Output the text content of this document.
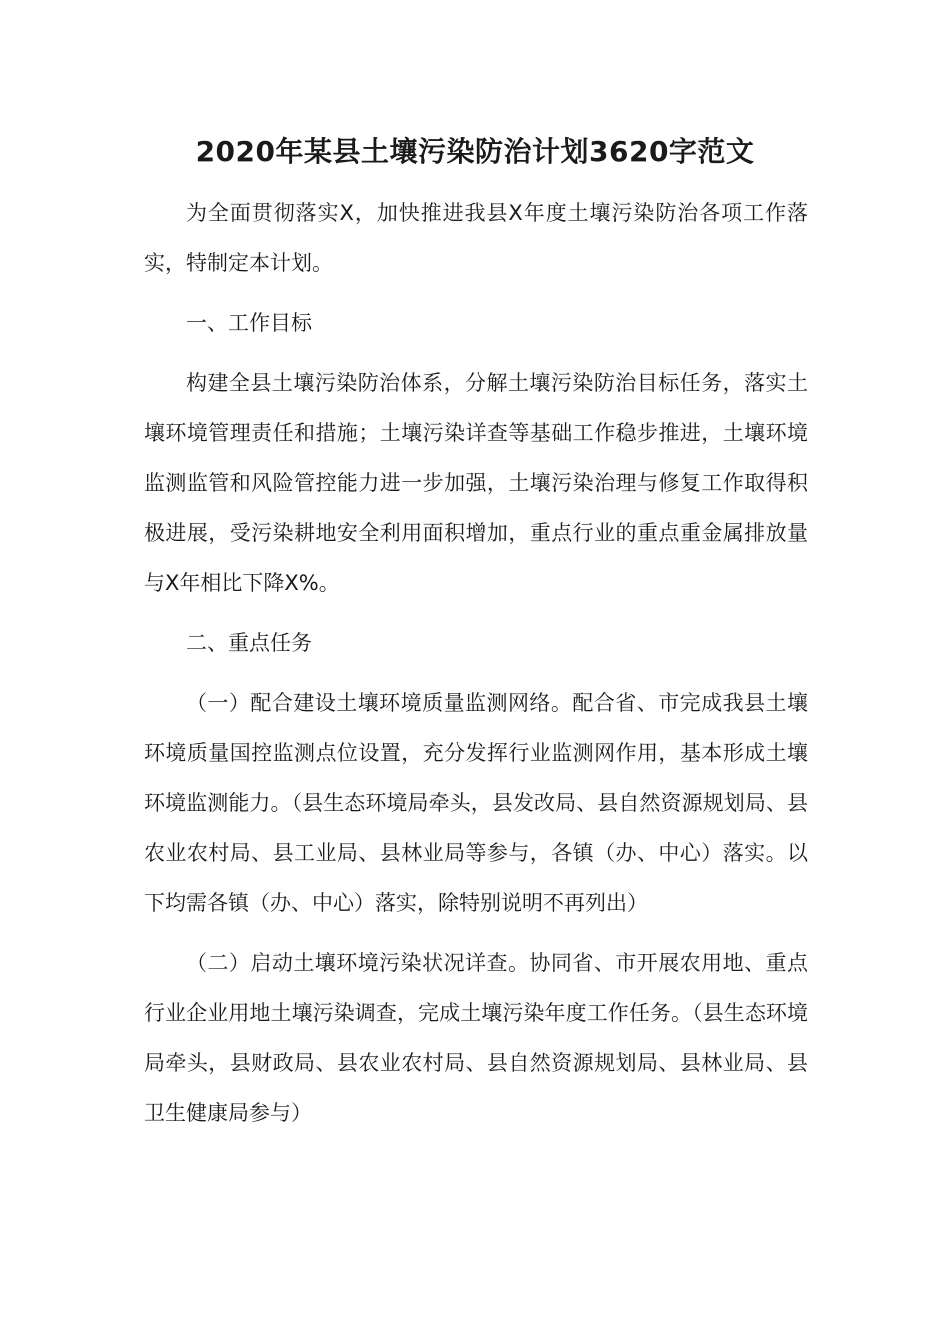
2020年某县土壤污染防治计划3620字范文

为全面贯彻落实X，加快推进我县X年度土壤污染防治各项工作落实，特制定本计划。

一、工作目标

构建全县土壤污染防治体系，分解土壤污染防治目标任务，落实土壤环境管理责任和措施；土壤污染详查等基础工作稳步推进，土壤环境监测监管和风险管控能力进一步加强，土壤污染治理与修复工作取得积极进展，受污染耕地安全利用面积增加，重点行业的重点重金属排放量与X年相比下降X%。

二、重点任务

（一）配合建设土壤环境质量监测网络。配合省、市完成我县土壤环境质量国控监测点位设置，充分发挥行业监测网作用，基本形成土壤环境监测能力。（县生态环境局牵头，县发改局、县自然资源规划局、县农业农村局、县工业局、县林业局等参与，各镇（办、中心）落实。以下均需各镇（办、中心）落实，除特别说明不再列出）

（二）启动土壤环境污染状况详查。协同省、市开展农用地、重点行业企业用地土壤污染调查，完成土壤污染年度工作任务。（县生态环境局牵头，县财政局、县农业农村局、县自然资源规划局、县林业局、县卫生健康局参与）
